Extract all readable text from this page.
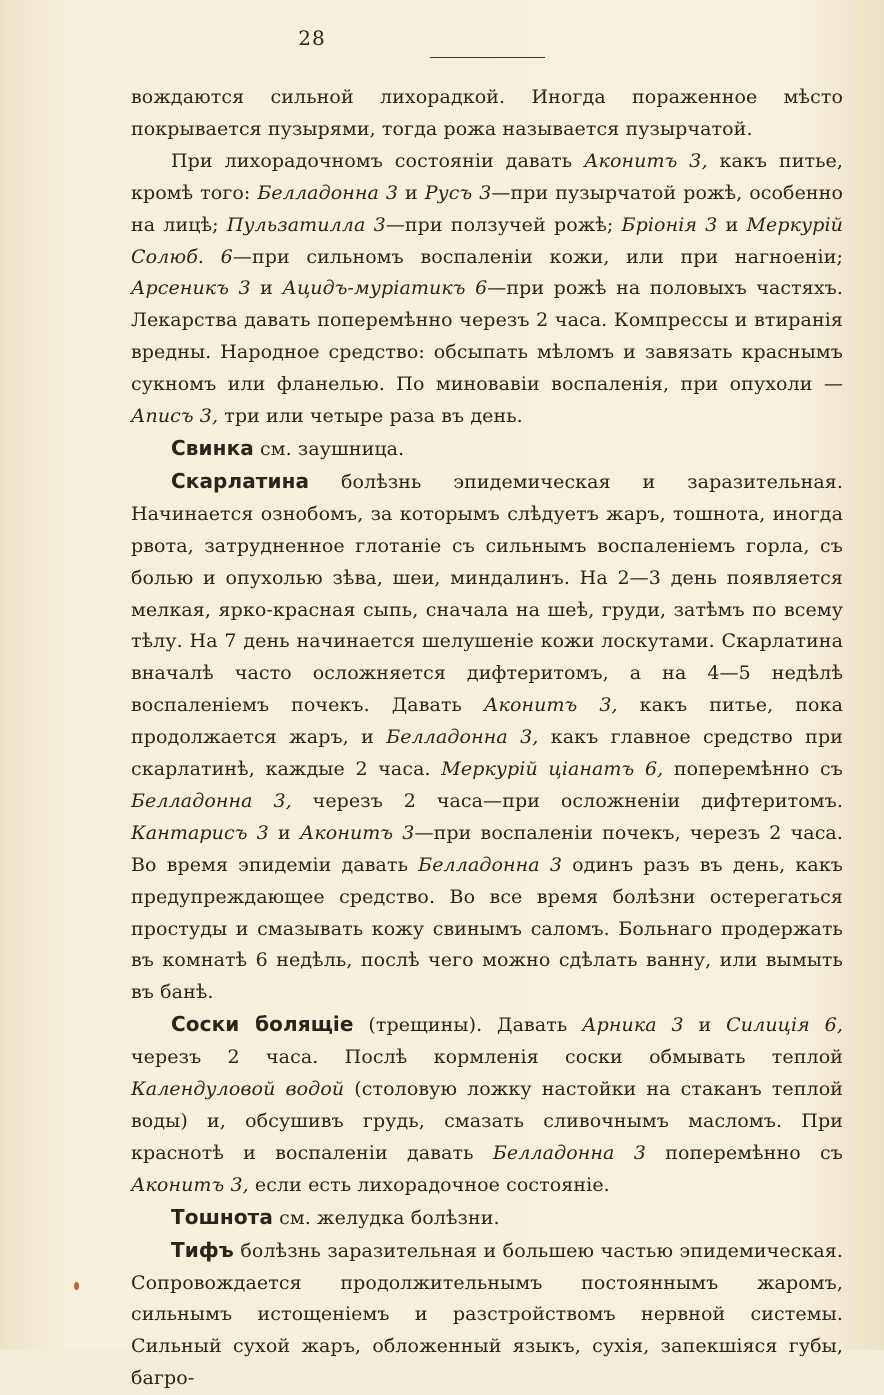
28

вождаются сильной лихорадкой. Иногда пораженное мѣсто покрывается пузырями, тогда рожа называется пузырчатой.

При лихорадочномъ состояніи давать Аконитъ 3, какъ питье, кромѣ того: Белладонна 3 и Русъ 3—при пузырчатой рожѣ, особенно на лицѣ; Пульзатилла 3—при ползучей рожѣ; Бріонія 3 и Меркурій Солюб. 6—при сильномъ воспаленіи кожи, или при нагноеніи; Арсеникъ 3 и Ацидъ-муріатикъ 6—при рожѣ на половыхъ частяхъ. Лекарства давать поперемѣнно черезъ 2 часа. Компрессы и втиранія вредны. Народное средство: обсыпать мѣломъ и завязать краснымъ сукномъ или фланелью. По миновавіи воспаленія, при опухоли — Аписъ 3, три или четыре раза въ день.

Свинка см. заушница.

Скарлатина болѣзнь эпидемическая и заразительная. Начинается ознобомъ, за которымъ слѣдуетъ жаръ, тошнота, иногда рвота, затрудненное глотаніе съ сильнымъ воспаленіемъ горла, съ болью и опухолью зѣва, шеи, миндалинъ. На 2—3 день появляется мелкая, ярко-красная сыпь, сначала на шеѣ, груди, затѣмъ по всему тѣлу. На 7 день начинается шелушеніе кожи лоскутами. Скарлатина вначалѣ часто осложняется дифтеритомъ, а на 4—5 недѣлѣ воспаленіемъ почекъ. Давать Аконитъ 3, какъ питье, пока продолжается жаръ, и Белладонна 3, какъ главное средство при скарлатинѣ, каждые 2 часа. Меркурій ціанатъ 6, поперемѣнно съ Белладонна 3, черезъ 2 часа—при осложненіи дифтеритомъ. Кантарисъ 3 и Аконитъ 3—при воспаленіи почекъ, черезъ 2 часа. Во время эпидеміи давать Белладонна 3 одинъ разъ въ день, какъ предупреждающее средство. Во все время болѣзни остерегаться простуды и смазывать кожу свинымъ саломъ. Больнаго продержать въ комнатѣ 6 недѣль, послѣ чего можно сдѣлать ванну, или вымыть въ банѣ.

Соски болящіе (трещины). Давать Арника 3 и Силиція 6, черезъ 2 часа. Послѣ кормленія соски обмывать теплой Календуловой водой (столовую ложку настойки на стаканъ теплой воды) и, обсушивъ грудь, смазать сливочнымъ масломъ. При краснотѣ и воспаленіи давать Белладонна 3 поперемѣнно съ Аконитъ 3, если есть лихорадочное состояніе.

Тошнота см. желудка болѣзни.

Тифъ болѣзнь заразительная и большею частью эпидемическая. Сопровождается продолжительнымъ постояннымъ жаромъ, сильнымъ истощеніемъ и разстройствомъ нервной системы. Сильный сухой жаръ, обложенный языкъ, сухія, запекшіяся губы, багро-
